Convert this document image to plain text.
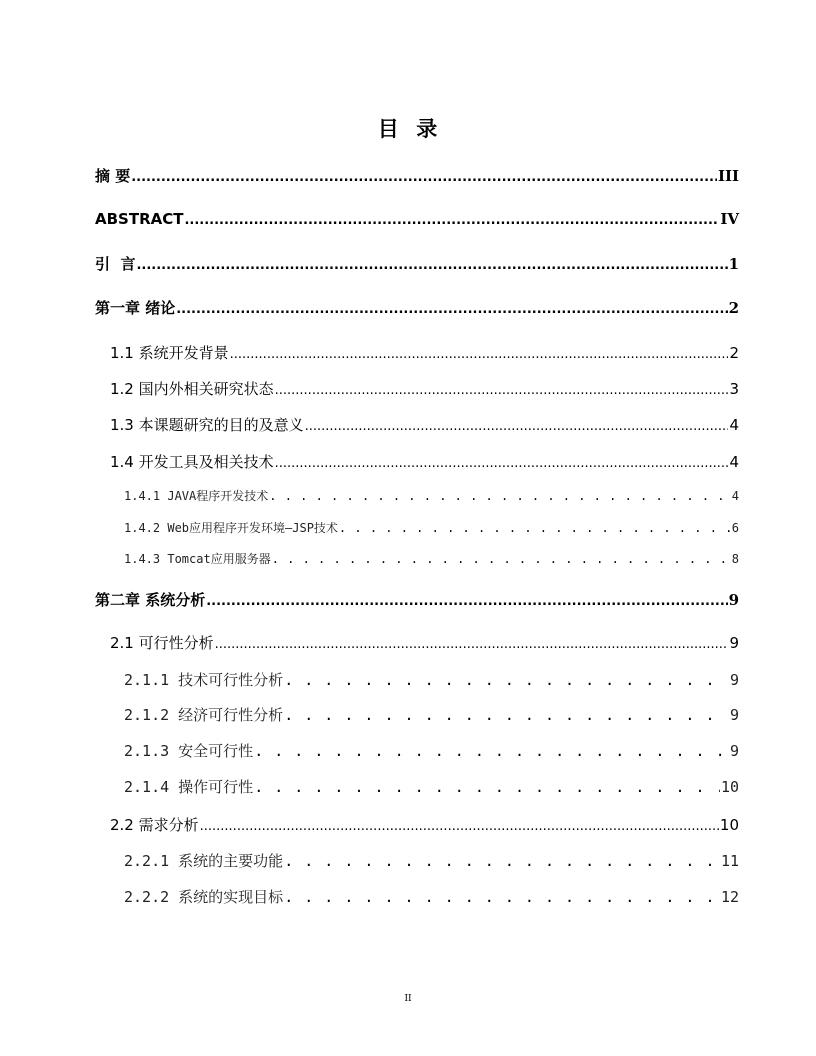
目  录
摘 要 .....	III
ABSTRACT .....	IV
引  言 .....	1
第一章 绪论 .....	2
1.1 系统开发背景 .....	2
1.2 国内外相关研究状态 .....	3
1.3 本课题研究的目的及意义 .....	4
1.4 开发工具及相关技术 .....	4
1.4.1 JAVA程序开发技术 . . .	4
1.4.2 Web应用程序开发环境—JSP技术 . . .	6
1.4.3 Tomcat应用服务器 . . .	8
第二章 系统分析 .....	9
2.1 可行性分析 .....	9
2.1.1 技术可行性分析 . . .	9
2.1.2 经济可行性分析 . . .	9
2.1.3 安全可行性 . . .	9
2.1.4 操作可行性 . . .	10
2.2 需求分析 .....	10
2.2.1 系统的主要功能 . . .	11
2.2.2 系统的实现目标 . . .	12
II
